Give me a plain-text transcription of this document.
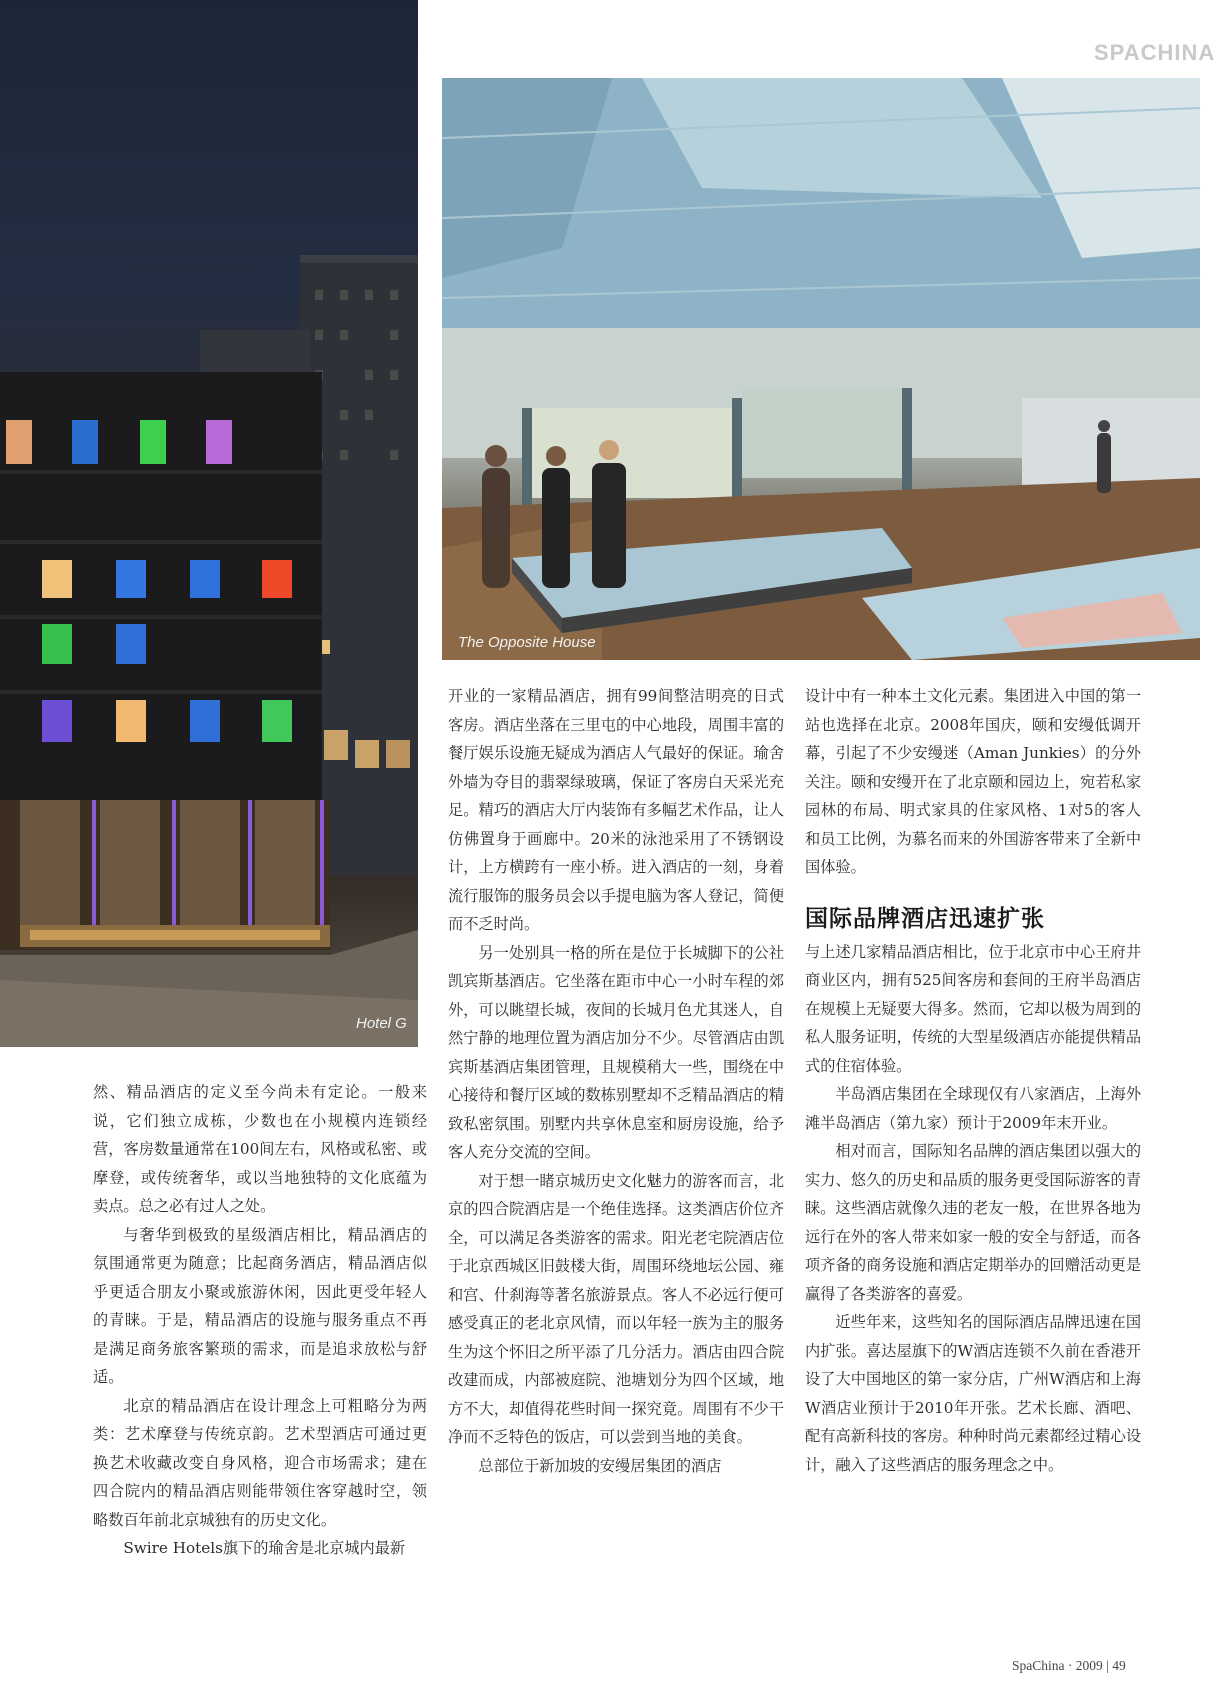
SPACHINA
Hotel G
The Opposite House

然、精品酒店的定义至今尚未有定论。一般来说，它们独立成栋，少数也在小规模内连锁经营，客房数量通常在100间左右，风格或私密、或摩登，或传统奢华，或以当地独特的文化底蕴为卖点。总之必有过人之处。

与奢华到极致的星级酒店相比，精品酒店的氛围通常更为随意；比起商务酒店，精品酒店似乎更适合朋友小聚或旅游休闲，因此更受年轻人的青睐。于是，精品酒店的设施与服务重点不再是满足商务旅客繁琐的需求，而是追求放松与舒适。

北京的精品酒店在设计理念上可粗略分为两类：艺术摩登与传统京韵。艺术型酒店可通过更换艺术收藏改变自身风格，迎合市场需求；建在四合院内的精品酒店则能带领住客穿越时空，领略数百年前北京城独有的历史文化。

Swire Hotels旗下的瑜舍是北京城内最新

开业的一家精品酒店，拥有99间整洁明亮的日式客房。酒店坐落在三里屯的中心地段，周围丰富的餐厅娱乐设施无疑成为酒店人气最好的保证。瑜舍外墙为夺目的翡翠绿玻璃，保证了客房白天采光充足。精巧的酒店大厅内装饰有多幅艺术作品，让人仿佛置身于画廊中。20米的泳池采用了不锈钢设计，上方横跨有一座小桥。进入酒店的一刻，身着流行服饰的服务员会以手提电脑为客人登记，简便而不乏时尚。

另一处别具一格的所在是位于长城脚下的公社凯宾斯基酒店。它坐落在距市中心一小时车程的郊外，可以眺望长城，夜间的长城月色尤其迷人，自然宁静的地理位置为酒店加分不少。尽管酒店由凯宾斯基酒店集团管理，且规模稍大一些，围绕在中心接待和餐厅区域的数栋别墅却不乏精品酒店的精致私密氛围。别墅内共享休息室和厨房设施，给予客人充分交流的空间。

对于想一睹京城历史文化魅力的游客而言，北京的四合院酒店是一个绝佳选择。这类酒店价位齐全，可以满足各类游客的需求。阳光老宅院酒店位于北京西城区旧鼓楼大街，周围环绕地坛公园、雍和宫、什刹海等著名旅游景点。客人不必远行便可感受真正的老北京风情，而以年轻一族为主的服务生为这个怀旧之所平添了几分活力。酒店由四合院改建而成，内部被庭院、池塘划分为四个区域，地方不大，却值得花些时间一探究竟。周围有不少干净而不乏特色的饭店，可以尝到当地的美食。

总部位于新加坡的安缦居集团的酒店

设计中有一种本土文化元素。集团进入中国的第一站也选择在北京。2008年国庆，颐和安缦低调开幕，引起了不少安缦迷（Aman Junkies）的分外关注。颐和安缦开在了北京颐和园边上，宛若私家园林的布局、明式家具的住家风格、1对5的客人和员工比例，为慕名而来的外国游客带来了全新中国体验。

国际品牌酒店迅速扩张

与上述几家精品酒店相比，位于北京市中心王府井商业区内，拥有525间客房和套间的王府半岛酒店在规模上无疑要大得多。然而，它却以极为周到的私人服务证明，传统的大型星级酒店亦能提供精品式的住宿体验。

半岛酒店集团在全球现仅有八家酒店，上海外滩半岛酒店（第九家）预计于2009年末开业。

相对而言，国际知名品牌的酒店集团以强大的实力、悠久的历史和品质的服务更受国际游客的青睐。这些酒店就像久违的老友一般，在世界各地为远行在外的客人带来如家一般的安全与舒适，而各项齐备的商务设施和酒店定期举办的回赠活动更是赢得了各类游客的喜爱。

近些年来，这些知名的国际酒店品牌迅速在国内扩张。喜达屋旗下的W酒店连锁不久前在香港开设了大中国地区的第一家分店，广州W酒店和上海W酒店业预计于2010年开张。艺术长廊、酒吧、配有高新科技的客房。种种时尚元素都经过精心设计，融入了这些酒店的服务理念之中。

SpaChina · 2009 | 49
